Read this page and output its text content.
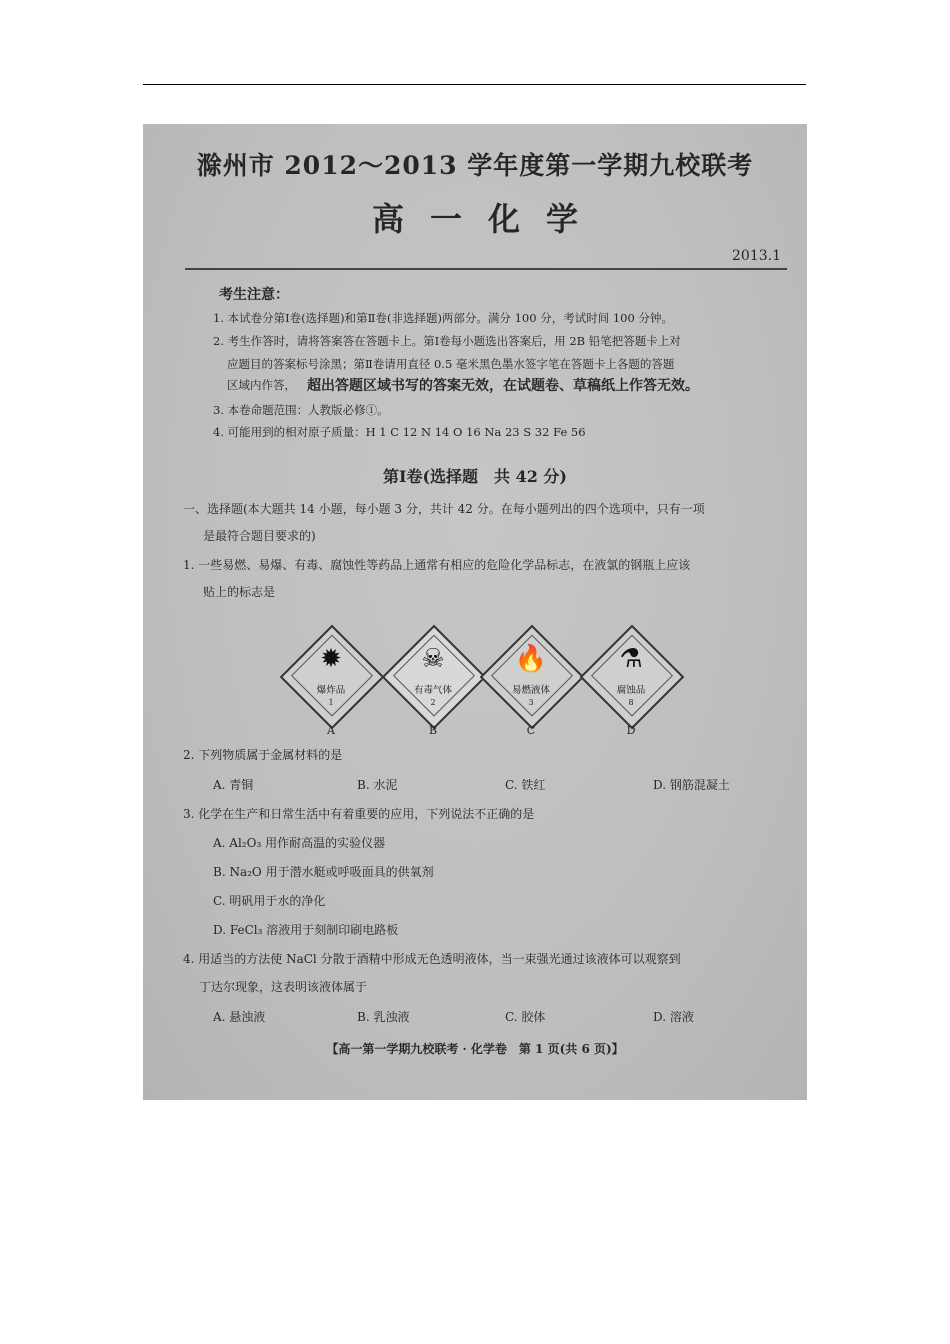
滁州市 2012～2013 学年度第一学期九校联考
高一化学
2013.1
考生注意：
1. 本试卷分第Ⅰ卷(选择题)和第Ⅱ卷(非选择题)两部分。满分 100 分，考试时间 100 分钟。
2. 考生作答时，请将答案答在答题卡上。第Ⅰ卷每小题选出答案后，用 2B 铅笔把答题卡上对
应题目的答案标号涂黑；第Ⅱ卷请用直径 0.5 毫米黑色墨水签字笔在答题卡上各题的答题
区域内作答， 超出答题区域书写的答案无效，在试题卷、草稿纸上作答无效。
3. 本卷命题范围：人教版必修①。
4. 可能用到的相对原子质量：H 1 C 12 N 14 O 16 Na 23 S 32 Fe 56
第Ⅰ卷(选择题　共 42 分)
一、选择题(本大题共 14 小题，每小题 3 分，共计 42 分。在每小题列出的四个选项中，只有一项
是最符合题目要求的)
1. 一些易燃、易爆、有毒、腐蚀性等药品上通常有相应的危险化学品标志，在液氯的钢瓶上应该
贴上的标志是
✹
爆炸品
1
☠
有毒气体
2
🔥
易燃液体
3
⚗
腐蚀品
8
A	B	C	D
2. 下列物质属于金属材料的是
A. 青铜	B. 水泥	C. 铁红	D. 钢筋混凝土
3. 化学在生产和日常生活中有着重要的应用，下列说法不正确的是
A. Al₂O₃ 用作耐高温的实验仪器
B. Na₂O 用于潜水艇或呼吸面具的供氧剂
C. 明矾用于水的净化
D. FeCl₃ 溶液用于刻制印刷电路板
4. 用适当的方法使 NaCl 分散于酒精中形成无色透明液体，当一束强光通过该液体可以观察到
丁达尔现象，这表明该液体属于
A. 悬浊液	B. 乳浊液	C. 胶体	D. 溶液
【高一第一学期九校联考 · 化学卷　第 1 页(共 6 页)】
